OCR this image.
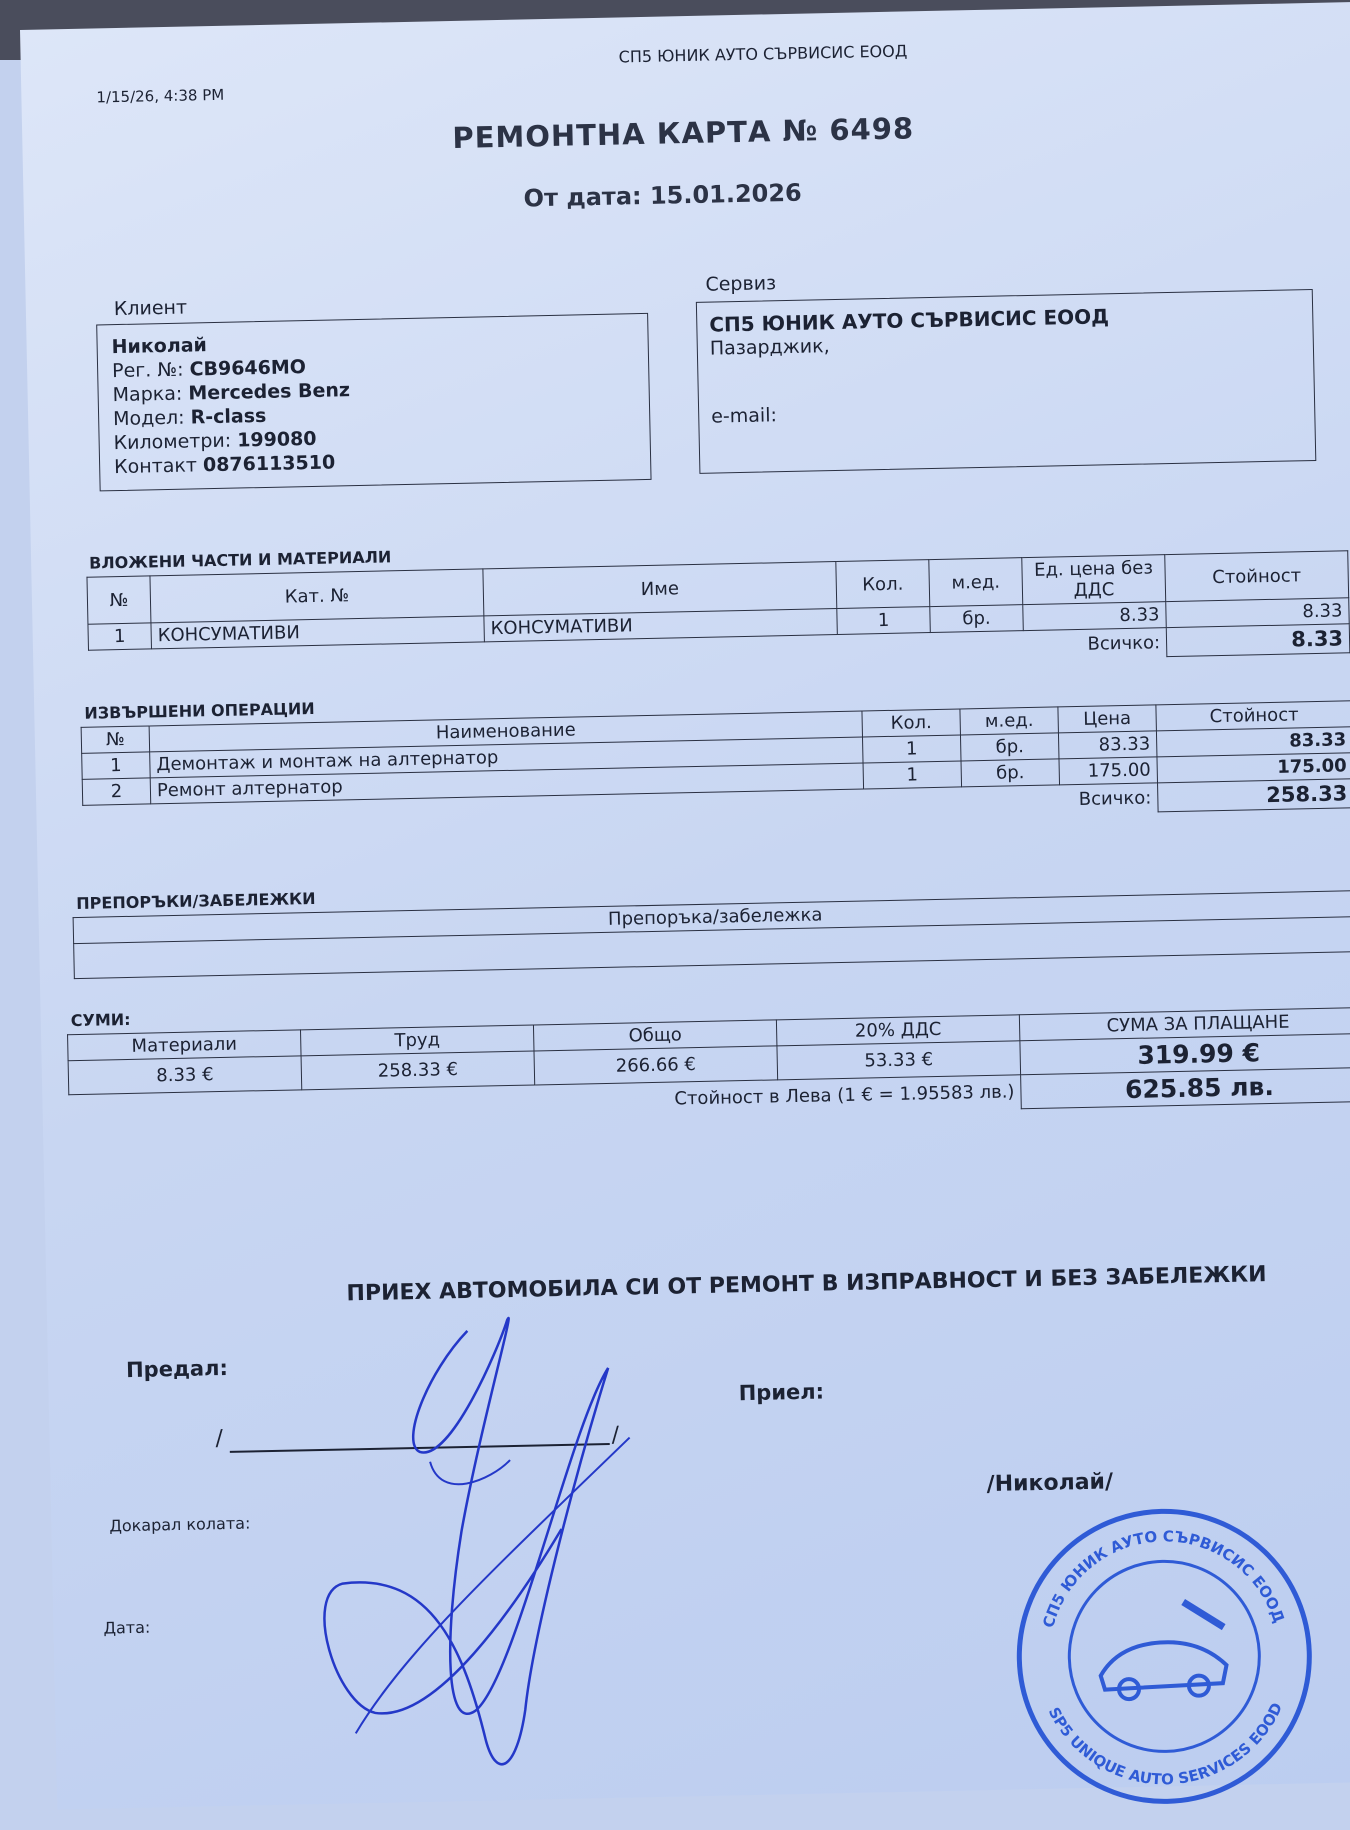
1/15/26, 4:38 PM
СП5 ЮНИК АУТО СЪРВИСИС ЕООД
РЕМОНТНА КАРТА № 6498
От дата: 15.01.2026
Клиент
Николай
Рег. №: CB9646MO
Марка: Mercedes Benz
Модел: R-class
Километри: 199080
Контакт 0876113510
Сервиз
СП5 ЮНИК АУТО СЪРВИСИС ЕООД
Пазарджик,
e-mail:
ВЛОЖЕНИ ЧАСТИ И МАТЕРИАЛИ
№	Кат. №	Име	Кол.	м.ед.	Ед. цена без ДДС	Стойност
1	КОНСУМАТИВИ	КОНСУМАТИВИ	1	бр.	8.33	8.33
Всичко:						8.33
ИЗВЪРШЕНИ ОПЕРАЦИИ
№	Наименование	Кол.	м.ед.	Цена	Стойност
1	Демонтаж и монтаж на алтернатор	1	бр.	83.33	83.33
2	Ремонт алтернатор	1	бр.	175.00	175.00
Всичко:					258.33
ПРЕПОРЪКИ/ЗАБЕЛЕЖКИ
Препоръка/забележка

СУМИ:
Материали	Труд	Общо	20% ДДС	СУМА ЗА ПЛАЩАНЕ
8.33 €	258.33 €	266.66 €	53.33 €	319.99 €
Стойност в Лева (1 € = 1.95583 лв.)				625.85 лв.
ПРИЕХ АВТОМОБИЛА СИ ОТ РЕМОНТ В ИЗПРАВНОСТ И БЕЗ ЗАБЕЛЕЖКИ
Предал:
/	/
Приел:
/Николай/
Докарал колата:
Дата:	СП5 ЮНИК АУТО СЪРВИСИС ЕООД
SP5 UNIQUE AUTO SERVICES EOOD
